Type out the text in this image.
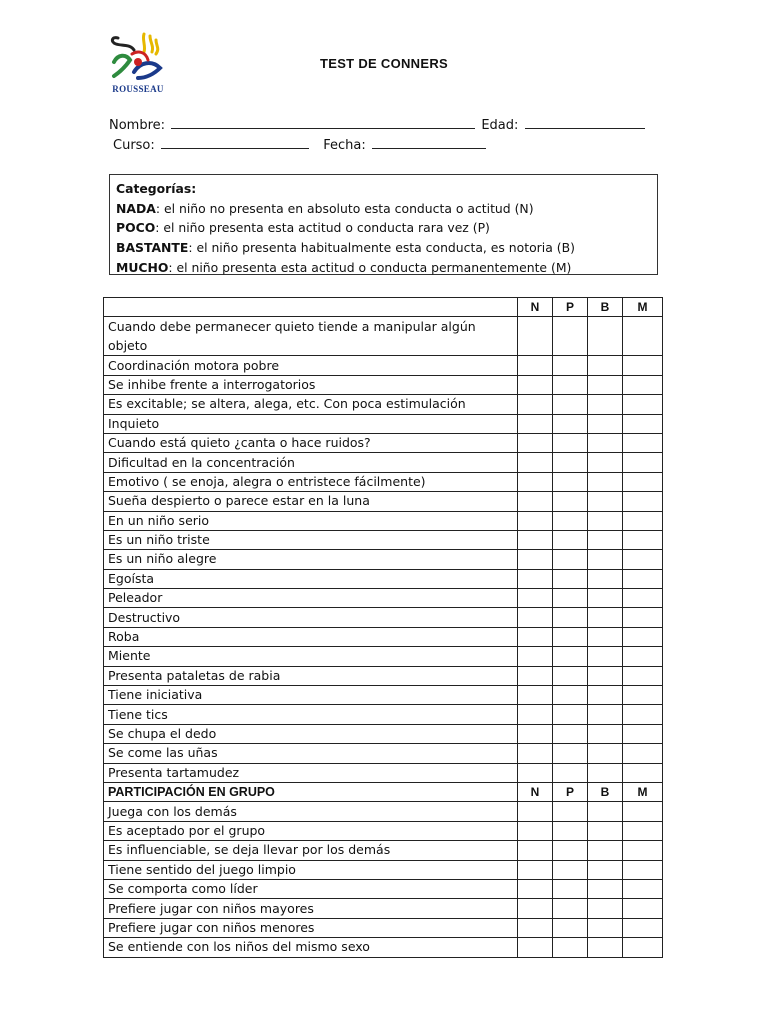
ROUSSEAU
TEST DE CONNERS
Nombre:	Edad:
Curso:	Fecha:
Categorías:
NADA: el niño no presenta en absoluto esta conducta o actitud (N)
POCO: el niño presenta esta actitud o conducta rara vez (P)
BASTANTE: el niño presenta habitualmente esta conducta, es notoria (B)
MUCHO: el niño presenta esta actitud o conducta permanentemente (M)
	N	P	B	M
Cuando debe permanecer quieto tiende a manipular algún objeto				
Coordinación motora pobre				
Se inhibe frente a interrogatorios				
Es excitable; se altera, alega, etc. Con poca estimulación				
Inquieto				
Cuando está quieto ¿canta o hace ruidos?				
Dificultad en la concentración				
Emotivo ( se enoja, alegra o entristece fácilmente)				
Sueña despierto o parece estar en la luna				
En un niño serio				
Es un niño triste				
Es un niño alegre				
Egoísta				
Peleador				
Destructivo				
Roba				
Miente				
Presenta pataletas de rabia				
Tiene iniciativa				
Tiene tics				
Se chupa el dedo				
Se come las uñas				
Presenta tartamudez				
PARTICIPACIÓN EN GRUPO	N	P	B	M
Juega con los demás				
Es aceptado por el grupo				
Es influenciable, se deja llevar por los demás				
Tiene sentido del juego limpio				
Se comporta como líder				
Prefiere jugar con niños mayores				
Prefiere jugar con niños menores				
Se entiende con los niños del mismo sexo				
